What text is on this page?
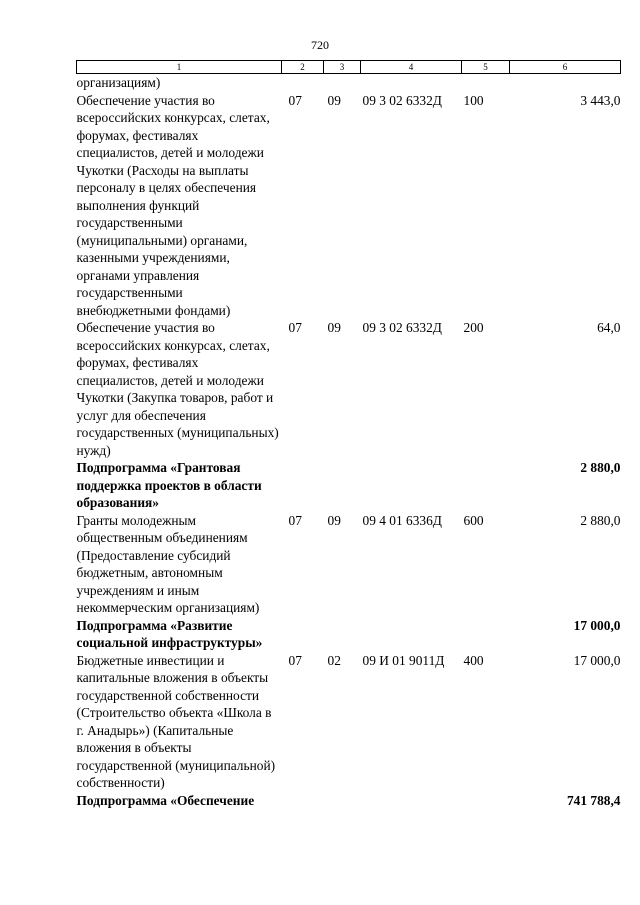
720
1	2	3	4	5	6
организациям)					
Обеспечение участия во всероссийских конкурсах, слетах, форумах, фестивалях специалистов, детей и молодежи Чукотки (Расходы на выплаты персоналу в целях обеспечения выполнения функций государственными (муниципальными) органами, казенными учреждениями, органами управления государственными внебюджетными фондами)	07	09	09 3 02 6332Д	100	3 443,0
Обеспечение участия во всероссийских конкурсах, слетах, форумах, фестивалях специалистов, детей и молодежи Чукотки (Закупка товаров, работ и услуг для обеспечения государственных (муниципальных) нужд)	07	09	09 3 02 6332Д	200	64,0
Подпрограмма «Грантовая поддержка проектов в области образования»					2 880,0
Гранты молодежным общественным объединениям (Предоставление субсидий бюджетным, автономным учреждениям и иным некоммерческим организациям)	07	09	09 4 01 6336Д	600	2 880,0
Подпрограмма «Развитие социальной инфраструктуры»					17 000,0
Бюджетные инвестиции и капитальные вложения в объекты государственной собственности (Строительство объекта «Школа в г. Анадырь») (Капитальные вложения в объекты государственной (муниципальной) собственности)	07	02	09 И 01 9011Д	400	17 000,0
Подпрограмма «Обеспечение					741 788,4
